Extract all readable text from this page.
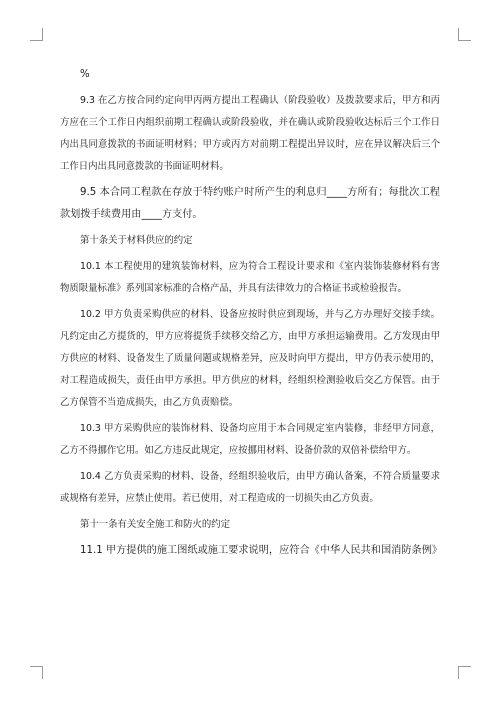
%

9.3 在乙方按合同约定向甲丙两方提出工程确认（阶段验收）及拨款要求后，甲方和丙方应在三个工作日内组织前期工程确认或阶段验收，并在确认或阶段验收达标后三个工作日内出具同意拨款的书面证明材料；甲方或丙方对前期工程提出异议时，应在异议解决后三个工作日内出具同意拨款的书面证明材料。

9.5 本合同工程款在存放于特约账户时所产生的利息归____方所有；每批次工程款划拨手续费用由____方支付。

第十条关于材料供应的约定

10.1 本工程使用的建筑装饰材料，应为符合工程设计要求和《室内装饰装修材料有害物质限量标准》系列国家标准的合格产品，并具有法律效力的合格证书或检验报告。

10.2 甲方负责采购供应的材料、设备应按时供应到现场，并与乙方办理好交接手续。凡约定由乙方提货的，甲方应将提货手续移交给乙方，由甲方承担运输费用。乙方发现由甲方供应的材料、设备发生了质量问题或规格差异，应及时向甲方提出，甲方仍表示使用的，对工程造成损失，责任由甲方承担。甲方供应的材料，经组织检测验收后交乙方保管。由于乙方保管不当造成损失，由乙方负责赔偿。

10.3 甲方采购供应的装饰材料、设备均应用于本合同规定室内装修，非经甲方同意，乙方不得挪作它用。如乙方违反此规定，应按挪用材料、设备价款的双倍补偿给甲方。

10.4 乙方负责采购的材料、设备，经组织验收后，由甲方确认备案，不符合质量要求或规格有差异，应禁止使用。若已使用，对工程造成的一切损失由乙方负责。

第十一条有关安全施工和防火的约定

11.1 甲方提供的施工图纸或施工要求说明，应符合《中华人民共和国消防条例》
